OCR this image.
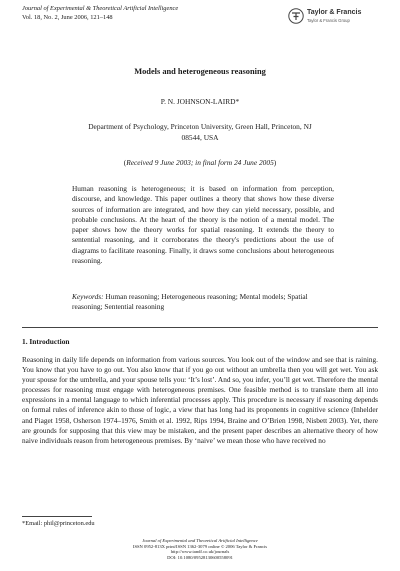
Journal of Experimental & Theoretical Artificial Intelligence
Vol. 18, No. 2, June 2006, 121–148
Taylor & Francis
Taylor & Francis Group
Models and heterogeneous reasoning
P. N. JOHNSON-LAIRD*
Department of Psychology, Princeton University, Green Hall, Princeton, NJ 08544, USA
(Received 9 June 2003; in final form 24 June 2005)
Human reasoning is heterogeneous; it is based on information from perception, discourse, and knowledge. This paper outlines a theory that shows how these diverse sources of information are integrated, and how they can yield necessary, possible, and probable conclusions. At the heart of the theory is the notion of a mental model. The paper shows how the theory works for spatial reasoning. It extends the theory to sentential reasoning, and it corroborates the theory's predictions about the use of diagrams to facilitate reasoning. Finally, it draws some conclusions about heterogeneous reasoning.
Keywords: Human reasoning; Heterogeneous reasoning; Mental models; Spatial reasoning; Sentential reasoning
1. Introduction
Reasoning in daily life depends on information from various sources. You look out of the window and see that is raining. You know that you have to go out. You also know that if you go out without an umbrella then you will get wet. You ask your spouse for the umbrella, and your spouse tells you: ‘It’s lost’. And so, you infer, you’ll get wet. Therefore the mental processes for reasoning must engage with heterogeneous premises. One feasible method is to translate them all into expressions in a mental language to which inferential processes apply. This procedure is necessary if reasoning depends on formal rules of inference akin to those of logic, a view that has long had its proponents in cognitive science (Inhelder and Piaget 1958, Osherson 1974–1976, Smith et al. 1992, Rips 1994, Braine and O’Brien 1998, Nisbett 2003). Yet, there are grounds for supposing that this view may be mistaken, and the present paper describes an alternative theory of how naive individuals reason from heterogeneous premises. By ‘naive’ we mean those who have received no
*Email: phil@princeton.edu
Journal of Experimental and Theoretical Artificial Intelligence
ISSN 0952-813X print/ISSN 1362-3079 online © 2006 Taylor & Francis
http://www.tandf.co.uk/journals
DOI: 10.1080/09528130600558091
